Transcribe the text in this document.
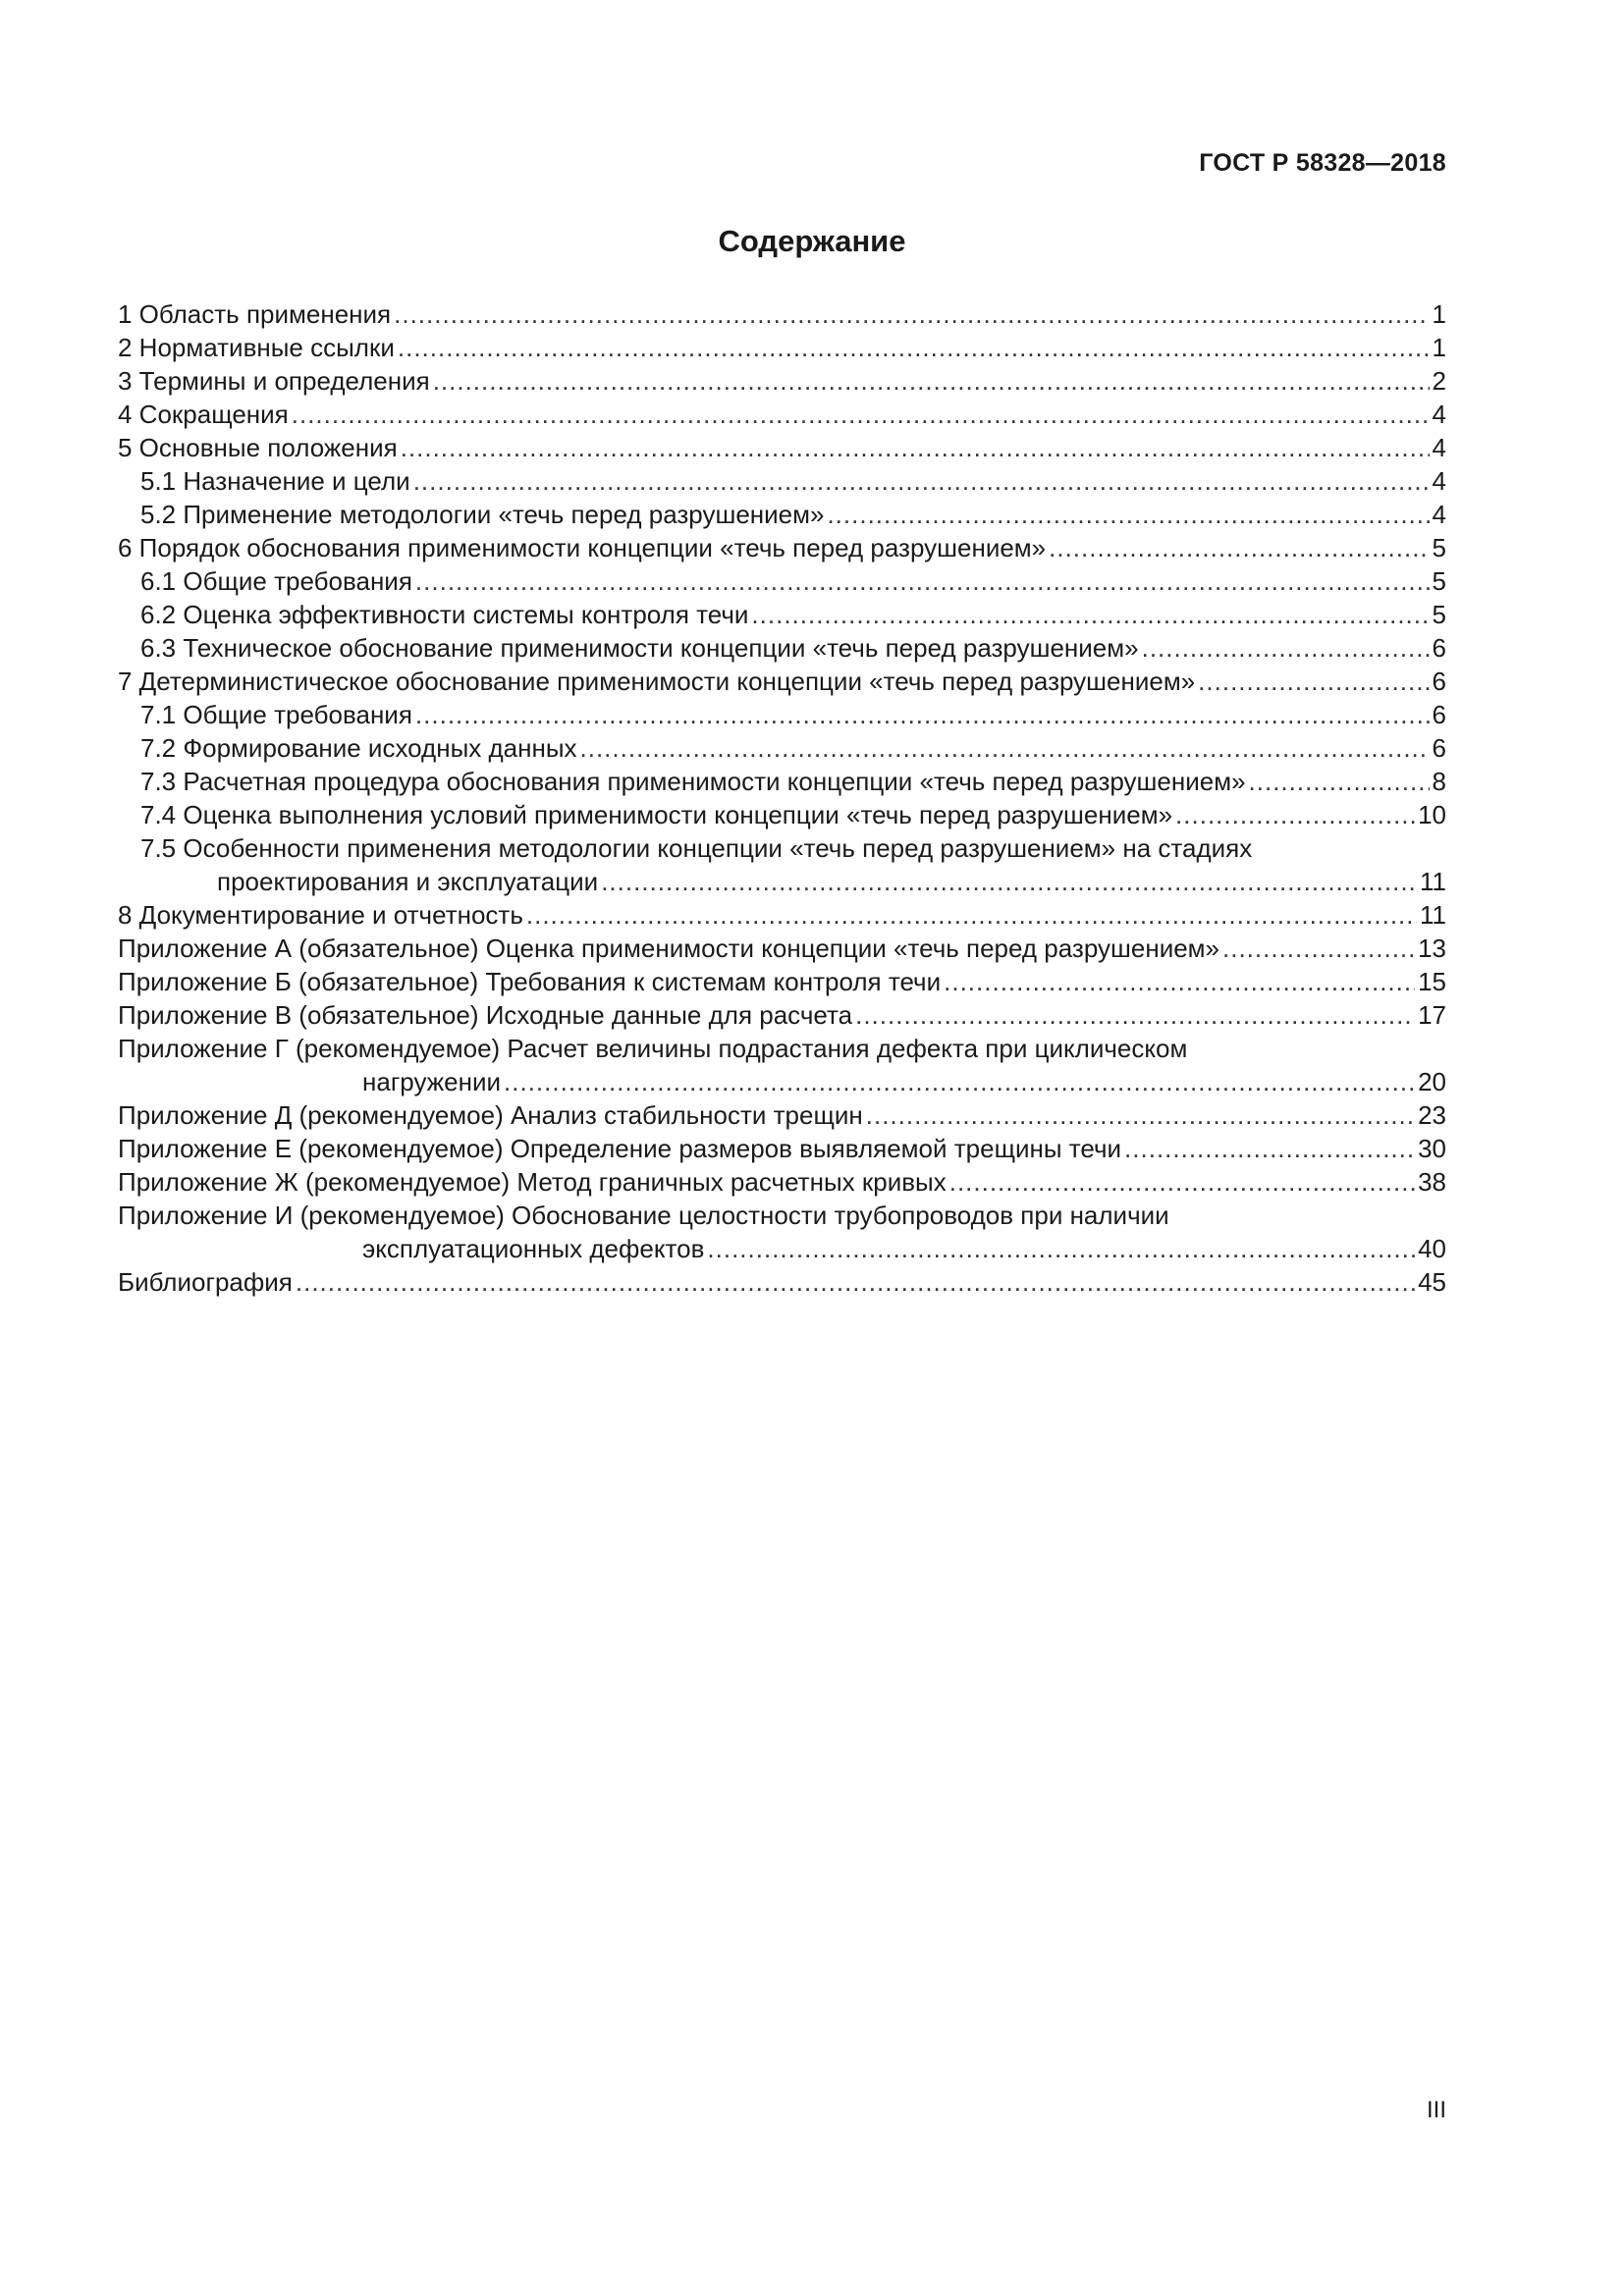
ГОСТ Р 58328—2018
Содержание
1 Область применения .....	1
2 Нормативные ссылки .....	1
3 Термины и определения .....	2
4 Сокращения .....	4
5 Основные положения .....	4
5.1 Назначение и цели .....	4
5.2 Применение методологии «течь перед разрушением» .....	4
6 Порядок обоснования применимости концепции «течь перед разрушением» .....	5
6.1 Общие требования .....	5
6.2 Оценка эффективности системы контроля течи .....	5
6.3 Техническое обоснование применимости концепции «течь перед разрушением» .....	6
7 Детерминистическое обоснование применимости концепции «течь перед разрушением» .....	6
7.1 Общие требования .....	6
7.2 Формирование исходных данных .....	6
7.3 Расчетная процедура обоснования применимости концепции «течь перед разрушением» .....	8
7.4 Оценка выполнения условий применимости концепции «течь перед разрушением» .....	10
7.5 Особенности применения методологии концепции «течь перед разрушением» на стадиях
проектирования и эксплуатации .....	11
8 Документирование и отчетность .....	11
Приложение А (обязательное) Оценка применимости концепции «течь перед разрушением» .....	13
Приложение Б (обязательное) Требования к системам контроля течи .....	15
Приложение В (обязательное) Исходные данные для расчета .....	17
Приложение Г (рекомендуемое) Расчет величины подрастания дефекта при циклическом
нагружении .....	20
Приложение Д (рекомендуемое) Анализ стабильности трещин .....	23
Приложение Е (рекомендуемое) Определение размеров выявляемой трещины течи .....	30
Приложение Ж (рекомендуемое) Метод граничных расчетных кривых .....	38
Приложение И (рекомендуемое) Обоснование целостности трубопроводов при наличии
эксплуатационных дефектов .....	40
Библиография .....	45
III
